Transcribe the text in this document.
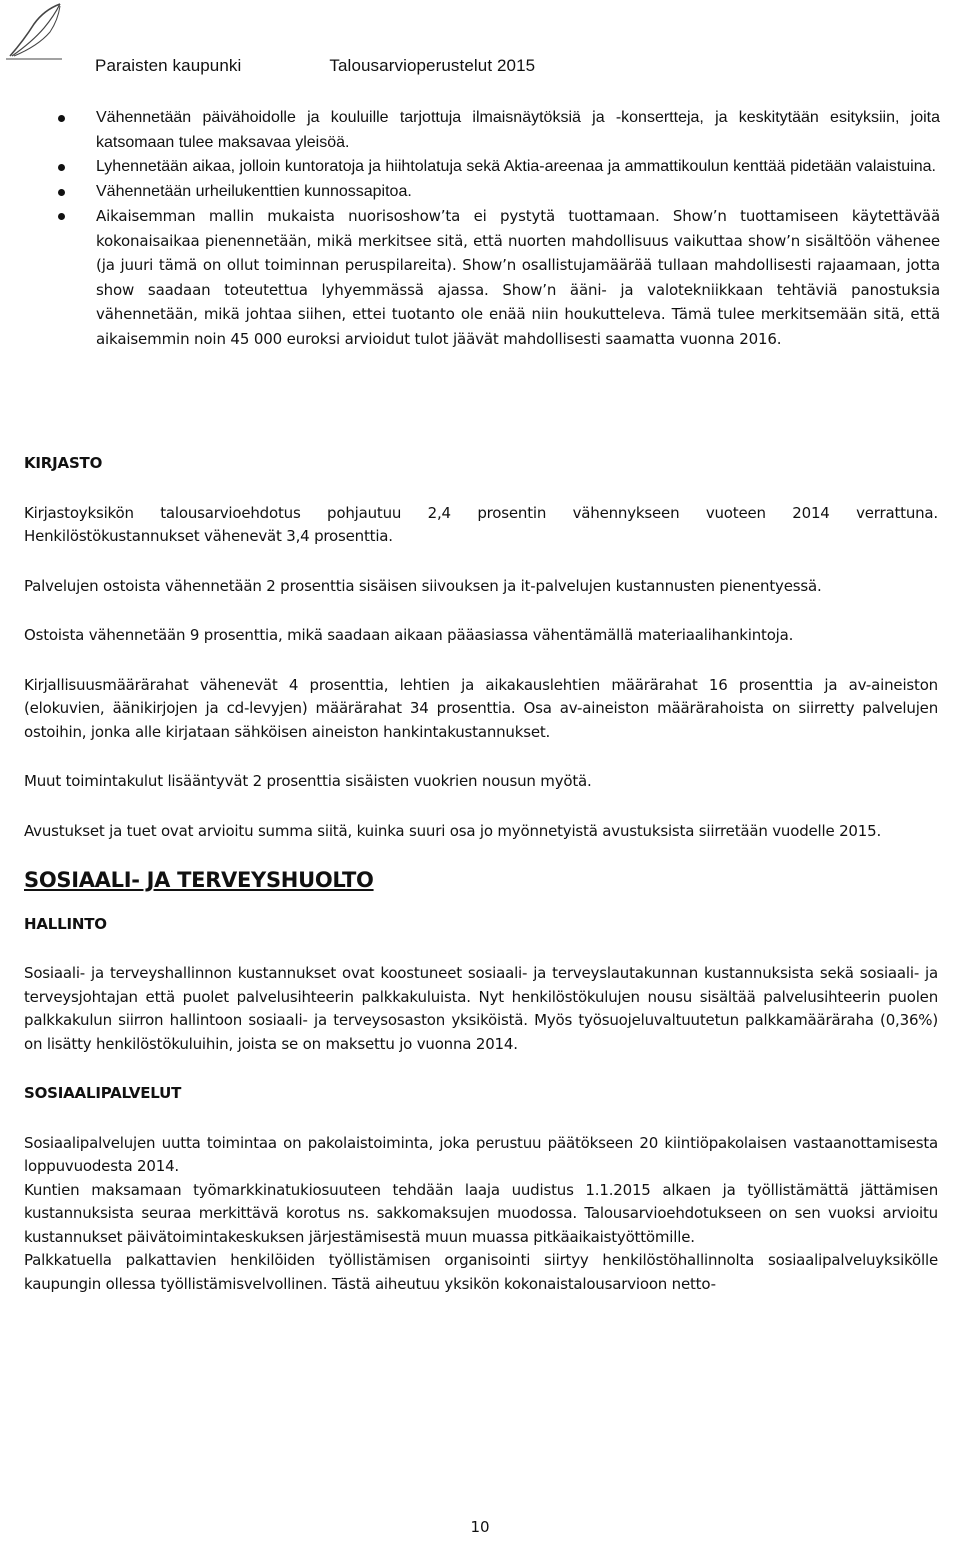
Paraisten kaupunki	Talousarvioperustelut 2015
Vähennetään päivähoidolle ja kouluille tarjottuja ilmaisnäytöksiä ja -konsertteja, ja keskitytään esityksiin, joita katsomaan tulee maksavaa yleisöä.
Lyhennetään aikaa, jolloin kuntoratoja ja hiihtolatuja sekä Aktia-areenaa ja ammattikoulun kenttää pidetään valaistuina.
Vähennetään urheilukenttien kunnossapitoa.
Aikaisemman mallin mukaista nuorisoshow’ta ei pystytä tuottamaan. Show’n tuottamiseen käytettävää kokonaisaikaa pienennetään, mikä merkitsee sitä, että nuorten mahdollisuus vaikuttaa show’n sisältöön vähenee (ja juuri tämä on ollut toiminnan peruspilareita). Show’n osallistujamäärää tullaan mahdollisesti rajaamaan, jotta show saadaan toteutettua lyhyemmässä ajassa. Show’n ääni- ja valotekniikkaan tehtäviä panostuksia vähennetään, mikä johtaa siihen, ettei tuotanto ole enää niin houkutteleva. Tämä tulee merkitsemään sitä, että aikaisemmin noin 45 000 euroksi arvioidut tulot jäävät mahdollisesti saamatta vuonna 2016.
KIRJASTO

Kirjastoyksikön talousarvioehdotus pohjautuu 2,4 prosentin vähennykseen vuoteen 2014 verrattuna. Henkilöstökustannukset vähenevät 3,4 prosenttia.

Palvelujen ostoista vähennetään 2 prosenttia sisäisen siivouksen ja it-palvelujen kustannusten pienentyessä.

Ostoista vähennetään 9 prosenttia, mikä saadaan aikaan pääasiassa vähentämällä materiaalihankintoja.

Kirjallisuusmäärärahat vähenevät 4 prosenttia, lehtien ja aikakauslehtien määrärahat 16 prosenttia ja av-aineiston (elokuvien, äänikirjojen ja cd-levyjen) määrärahat 34 prosenttia. Osa av-aineiston määrärahoista on siirretty palvelujen ostoihin, jonka alle kirjataan sähköisen aineiston hankintakustannukset.

Muut toimintakulut lisääntyvät 2 prosenttia sisäisten vuokrien nousun myötä.

Avustukset ja tuet ovat arvioitu summa siitä, kuinka suuri osa jo myönnetyistä avustuksista siirretään vuodelle 2015.

SOSIAALI- JA TERVEYSHUOLTO
HALLINTO

Sosiaali- ja terveyshallinnon kustannukset ovat koostuneet sosiaali- ja terveyslautakunnan kustannuksista sekä sosiaali- ja terveysjohtajan että puolet palvelusihteerin palkkakuluista. Nyt henkilöstökulujen nousu sisältää palvelusihteerin puolen palkkakulun siirron hallintoon sosiaali- ja terveysosaston yksiköistä. Myös työsuojeluvaltuutetun palkkamääräraha (0,36%) on lisätty henkilöstökuluihin, joista se on maksettu jo vuonna 2014.

SOSIAALIPALVELUT

Sosiaalipalvelujen uutta toimintaa on pakolaistoiminta, joka perustuu päätökseen 20 kiintiöpakolaisen vastaanottamisesta loppuvuodesta 2014.

Kuntien maksamaan työmarkkinatukiosuuteen tehdään laaja uudistus 1.1.2015 alkaen ja työllistämättä jättämisen kustannuksista seuraa merkittävä korotus ns. sakkomaksujen muodossa. Talousarvioehdotukseen on sen vuoksi arvioitu kustannukset päivätoimintakeskuksen järjestämisestä muun muassa pitkäaikaistyöttömille.

Palkkatuella palkattavien henkilöiden työllistämisen organisointi siirtyy henkilöstöhallinnolta sosiaalipalveluyksikölle kaupungin ollessa työllistämisvelvollinen. Tästä aiheutuu yksikön kokonaistalousarvioon netto-

10
